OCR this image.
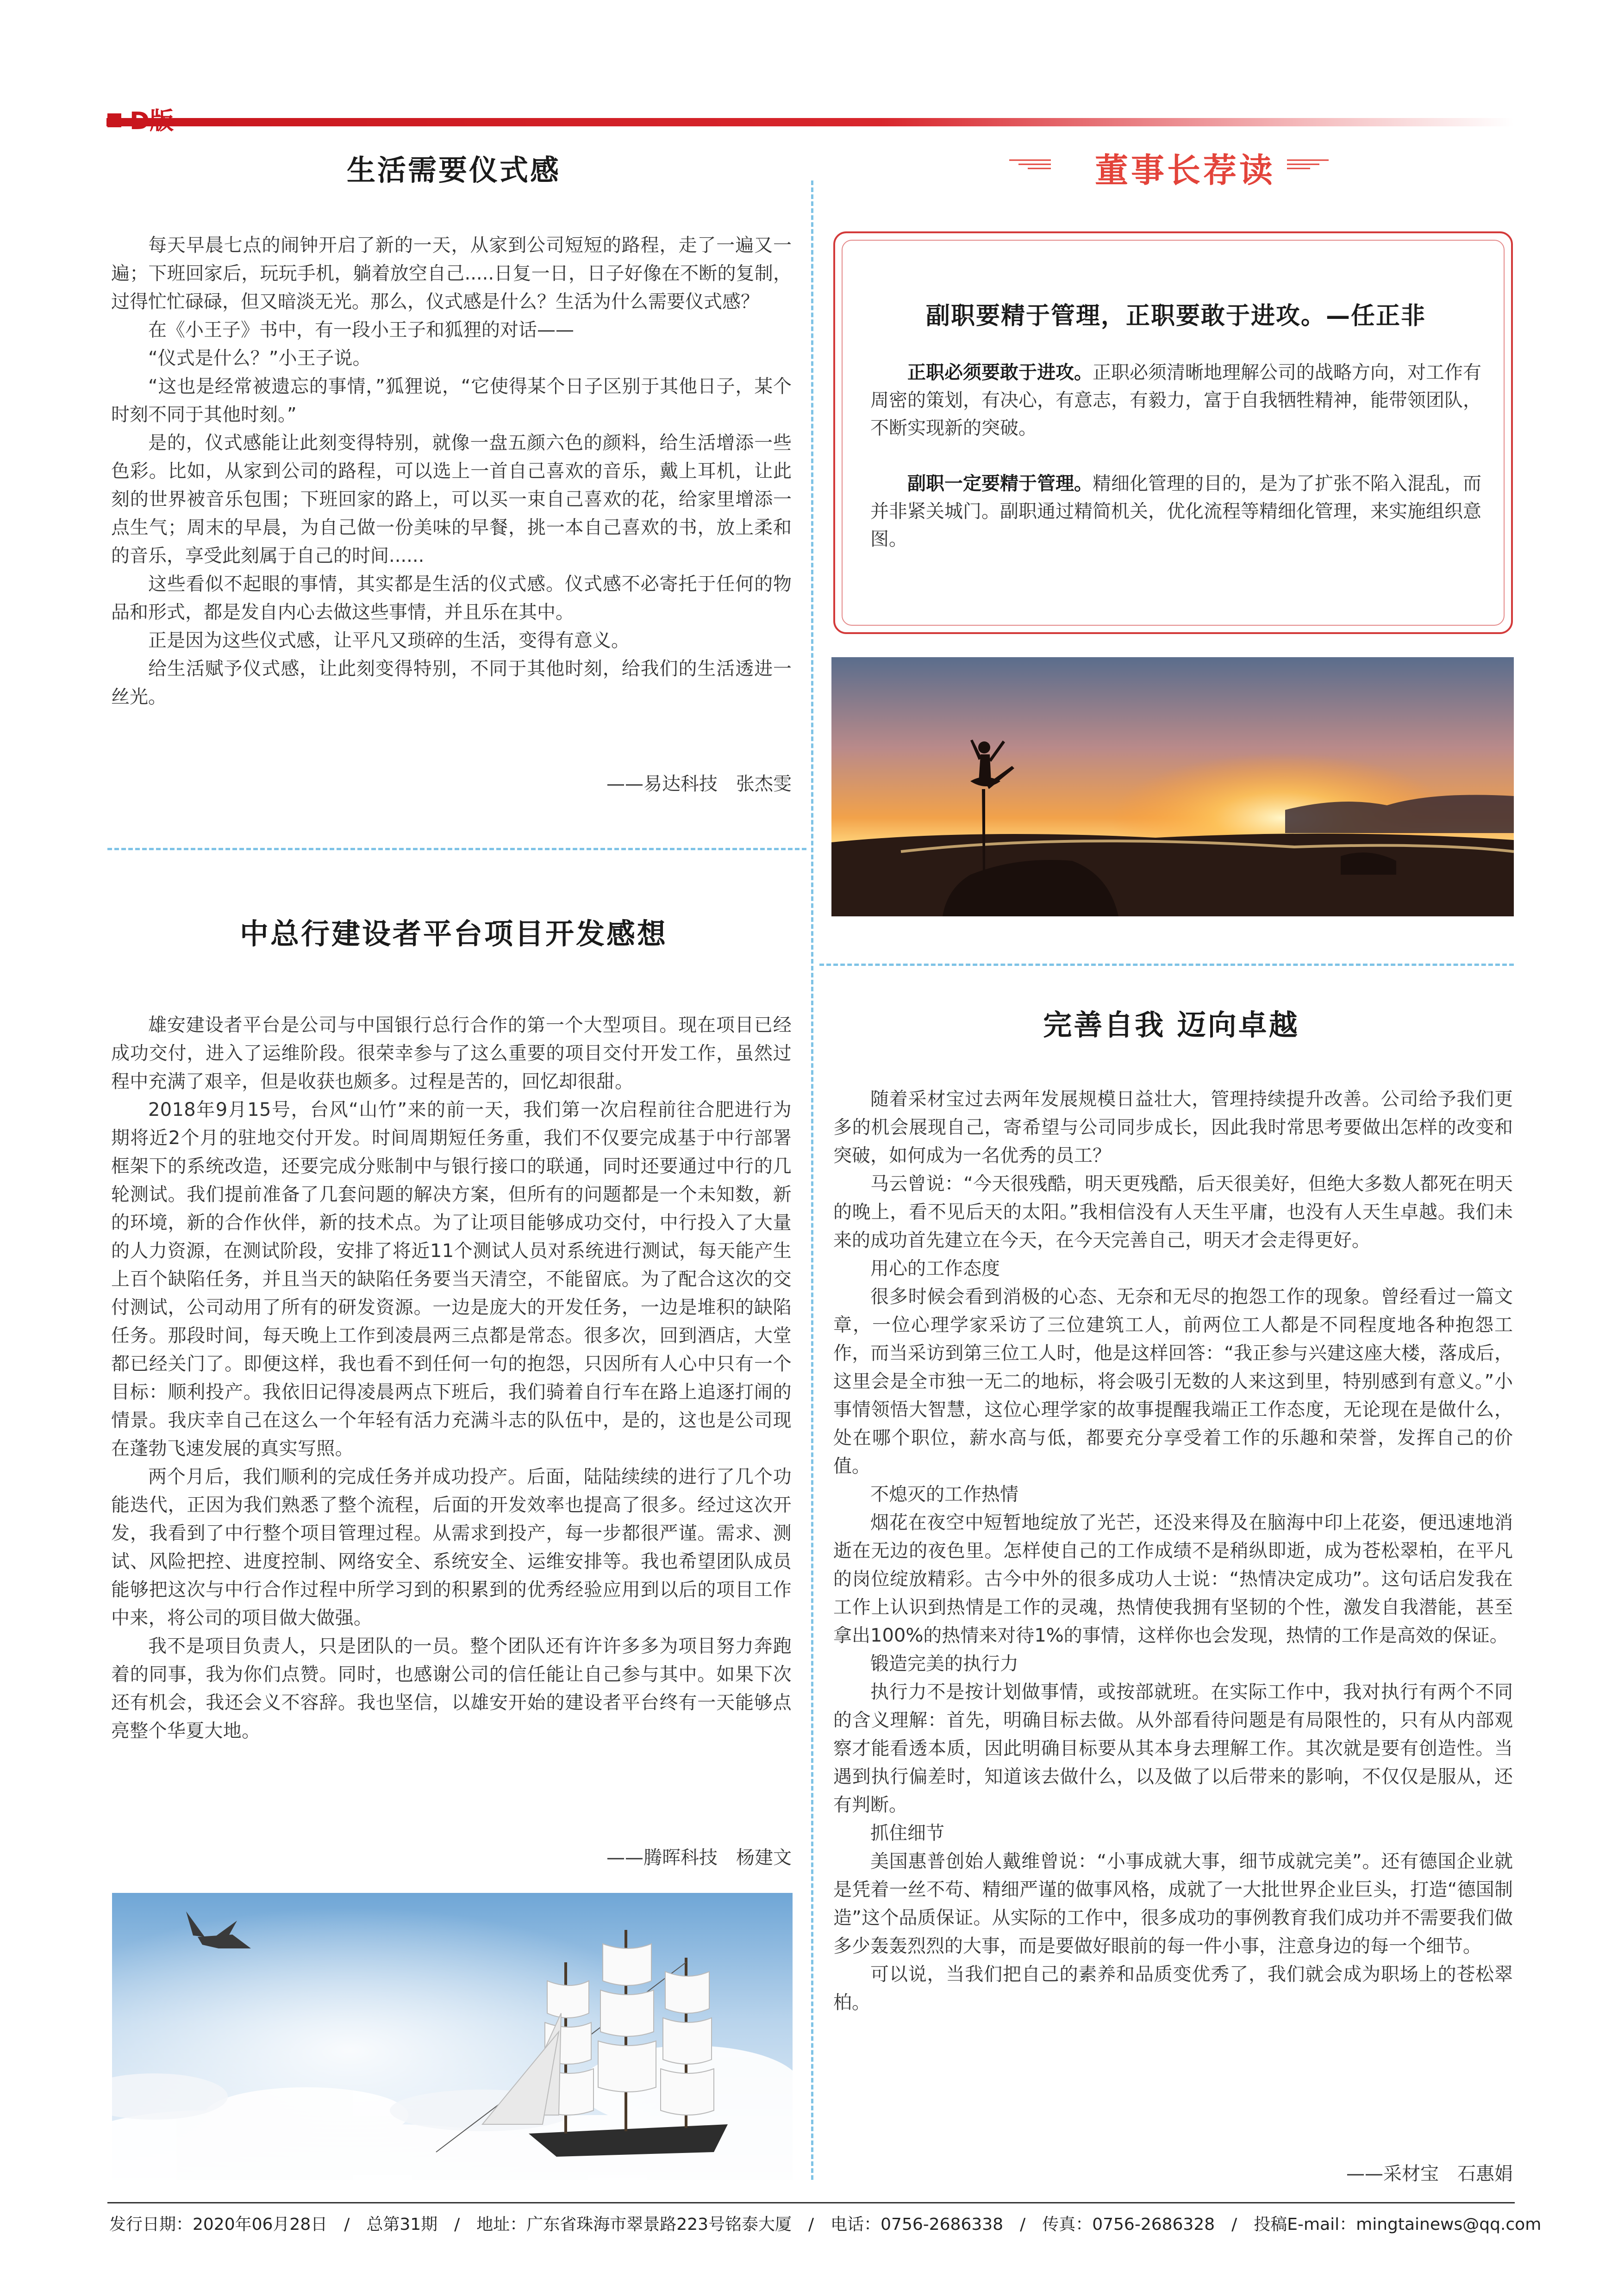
生活需要仪式感

每天早晨七点的闹钟开启了新的一天，从家到公司短短的路程，走了一遍又一遍；下班回家后，玩玩手机，躺着放空自己.....日复一日，日子好像在不断的复制，过得忙忙碌碌，但又暗淡无光。那么，仪式感是什么？生活为什么需要仪式感？

在《小王子》书中，有一段小王子和狐狸的对话——

“仪式是什么？”小王子说。

“这也是经常被遗忘的事情，”狐狸说，“它使得某个日子区别于其他日子，某个时刻不同于其他时刻。”

是的，仪式感能让此刻变得特别，就像一盘五颜六色的颜料，给生活增添一些色彩。比如，从家到公司的路程，可以选上一首自己喜欢的音乐，戴上耳机，让此刻的世界被音乐包围；下班回家的路上，可以买一束自己喜欢的花，给家里增添一点生气；周末的早晨，为自己做一份美味的早餐，挑一本自己喜欢的书，放上柔和的音乐，享受此刻属于自己的时间......

这些看似不起眼的事情，其实都是生活的仪式感。仪式感不必寄托于任何的物品和形式，都是发自内心去做这些事情，并且乐在其中。

正是因为这些仪式感，让平凡又琐碎的生活，变得有意义。

给生活赋予仪式感，让此刻变得特别，不同于其他时刻，给我们的生活透进一丝光。

——易达科技　张杰雯
中总行建设者平台项目开发感想

雄安建设者平台是公司与中国银行总行合作的第一个大型项目。现在项目已经成功交付，进入了运维阶段。很荣幸参与了这么重要的项目交付开发工作，虽然过程中充满了艰辛，但是收获也颇多。过程是苦的，回忆却很甜。

2018年9月15号，台风“山竹”来的前一天，我们第一次启程前往合肥进行为期将近2个月的驻地交付开发。时间周期短任务重，我们不仅要完成基于中行部署框架下的系统改造，还要完成分账制中与银行接口的联通，同时还要通过中行的几轮测试。我们提前准备了几套问题的解决方案，但所有的问题都是一个未知数，新的环境，新的合作伙伴，新的技术点。为了让项目能够成功交付，中行投入了大量的人力资源，在测试阶段，安排了将近11个测试人员对系统进行测试，每天能产生上百个缺陷任务，并且当天的缺陷任务要当天清空，不能留底。为了配合这次的交付测试，公司动用了所有的研发资源。一边是庞大的开发任务，一边是堆积的缺陷任务。那段时间，每天晚上工作到凌晨两三点都是常态。很多次，回到酒店，大堂都已经关门了。即便这样，我也看不到任何一句的抱怨，只因所有人心中只有一个目标：顺利投产。我依旧记得凌晨两点下班后，我们骑着自行车在路上追逐打闹的情景。我庆幸自己在这么一个年轻有活力充满斗志的队伍中，是的，这也是公司现在蓬勃飞速发展的真实写照。

两个月后，我们顺利的完成任务并成功投产。后面，陆陆续续的进行了几个功能迭代，正因为我们熟悉了整个流程，后面的开发效率也提高了很多。经过这次开发，我看到了中行整个项目管理过程。从需求到投产，每一步都很严谨。需求、测试、风险把控、进度控制、网络安全、系统安全、运维安排等。我也希望团队成员能够把这次与中行合作过程中所学习到的积累到的优秀经验应用到以后的项目工作中来，将公司的项目做大做强。

我不是项目负责人，只是团队的一员。整个团队还有许许多多为项目努力奔跑着的同事，我为你们点赞。同时，也感谢公司的信任能让自己参与其中。如果下次还有机会，我还会义不容辞。我也坚信，以雄安开始的建设者平台终有一天能够点亮整个华夏大地。

——腾晖科技　杨建文
董事长荐读
副职要精于管理，正职要敢于进攻。—任正非

正职必须要敢于进攻。正职必须清晰地理解公司的战略方向，对工作有周密的策划，有决心，有意志，有毅力，富于自我牺牲精神，能带领团队，不断实现新的突破。

副职一定要精于管理。精细化管理的目的，是为了扩张不陷入混乱，而并非紧关城门。副职通过精简机关，优化流程等精细化管理，来实施组织意图。

完善自我 迈向卓越

随着采材宝过去两年发展规模日益壮大，管理持续提升改善。公司给予我们更多的机会展现自己，寄希望与公司同步成长，因此我时常思考要做出怎样的改变和突破，如何成为一名优秀的员工？

马云曾说：“今天很残酷，明天更残酷，后天很美好，但绝大多数人都死在明天的晚上，看不见后天的太阳。”我相信没有人天生平庸，也没有人天生卓越。我们未来的成功首先建立在今天，在今天完善自己，明天才会走得更好。

用心的工作态度

很多时候会看到消极的心态、无奈和无尽的抱怨工作的现象。曾经看过一篇文章，一位心理学家采访了三位建筑工人，前两位工人都是不同程度地各种抱怨工作，而当采访到第三位工人时，他是这样回答：“我正参与兴建这座大楼，落成后，这里会是全市独一无二的地标，将会吸引无数的人来这到里，特别感到有意义。”小事情领悟大智慧，这位心理学家的故事提醒我端正工作态度，无论现在是做什么，处在哪个职位，薪水高与低，都要充分享受着工作的乐趣和荣誉，发挥自己的价值。

不熄灭的工作热情

烟花在夜空中短暂地绽放了光芒，还没来得及在脑海中印上花姿，便迅速地消逝在无边的夜色里。怎样使自己的工作成绩不是稍纵即逝，成为苍松翠柏，在平凡的岗位绽放精彩。古今中外的很多成功人士说：“热情决定成功”。这句话启发我在工作上认识到热情是工作的灵魂，热情使我拥有坚韧的个性，激发自我潜能，甚至拿出100%的热情来对待1%的事情，这样你也会发现，热情的工作是高效的保证。

锻造完美的执行力

执行力不是按计划做事情，或按部就班。在实际工作中，我对执行有两个不同的含义理解：首先，明确目标去做。从外部看待问题是有局限性的，只有从内部观察才能看透本质，因此明确目标要从其本身去理解工作。其次就是要有创造性。当遇到执行偏差时，知道该去做什么，以及做了以后带来的影响，不仅仅是服从，还有判断。

抓住细节

美国惠普创始人戴维曾说：“小事成就大事，细节成就完美”。还有德国企业就是凭着一丝不苟、精细严谨的做事风格，成就了一大批世界企业巨头，打造“德国制造”这个品质保证。从实际的工作中，很多成功的事例教育我们成功并不需要我们做多少轰轰烈烈的大事，而是要做好眼前的每一件小事，注意身边的每一个细节。

可以说，当我们把自己的素养和品质变优秀了，我们就会成为职场上的苍松翠柏。

——采材宝　石惠娟
发行日期：2020年06月28日　/　总第31期　/　地址：广东省珠海市翠景路223号铭泰大厦　/　电话：0756-2686338　/　传真：0756-2686328　/　投稿E-mail：mingtainews@qq.com
